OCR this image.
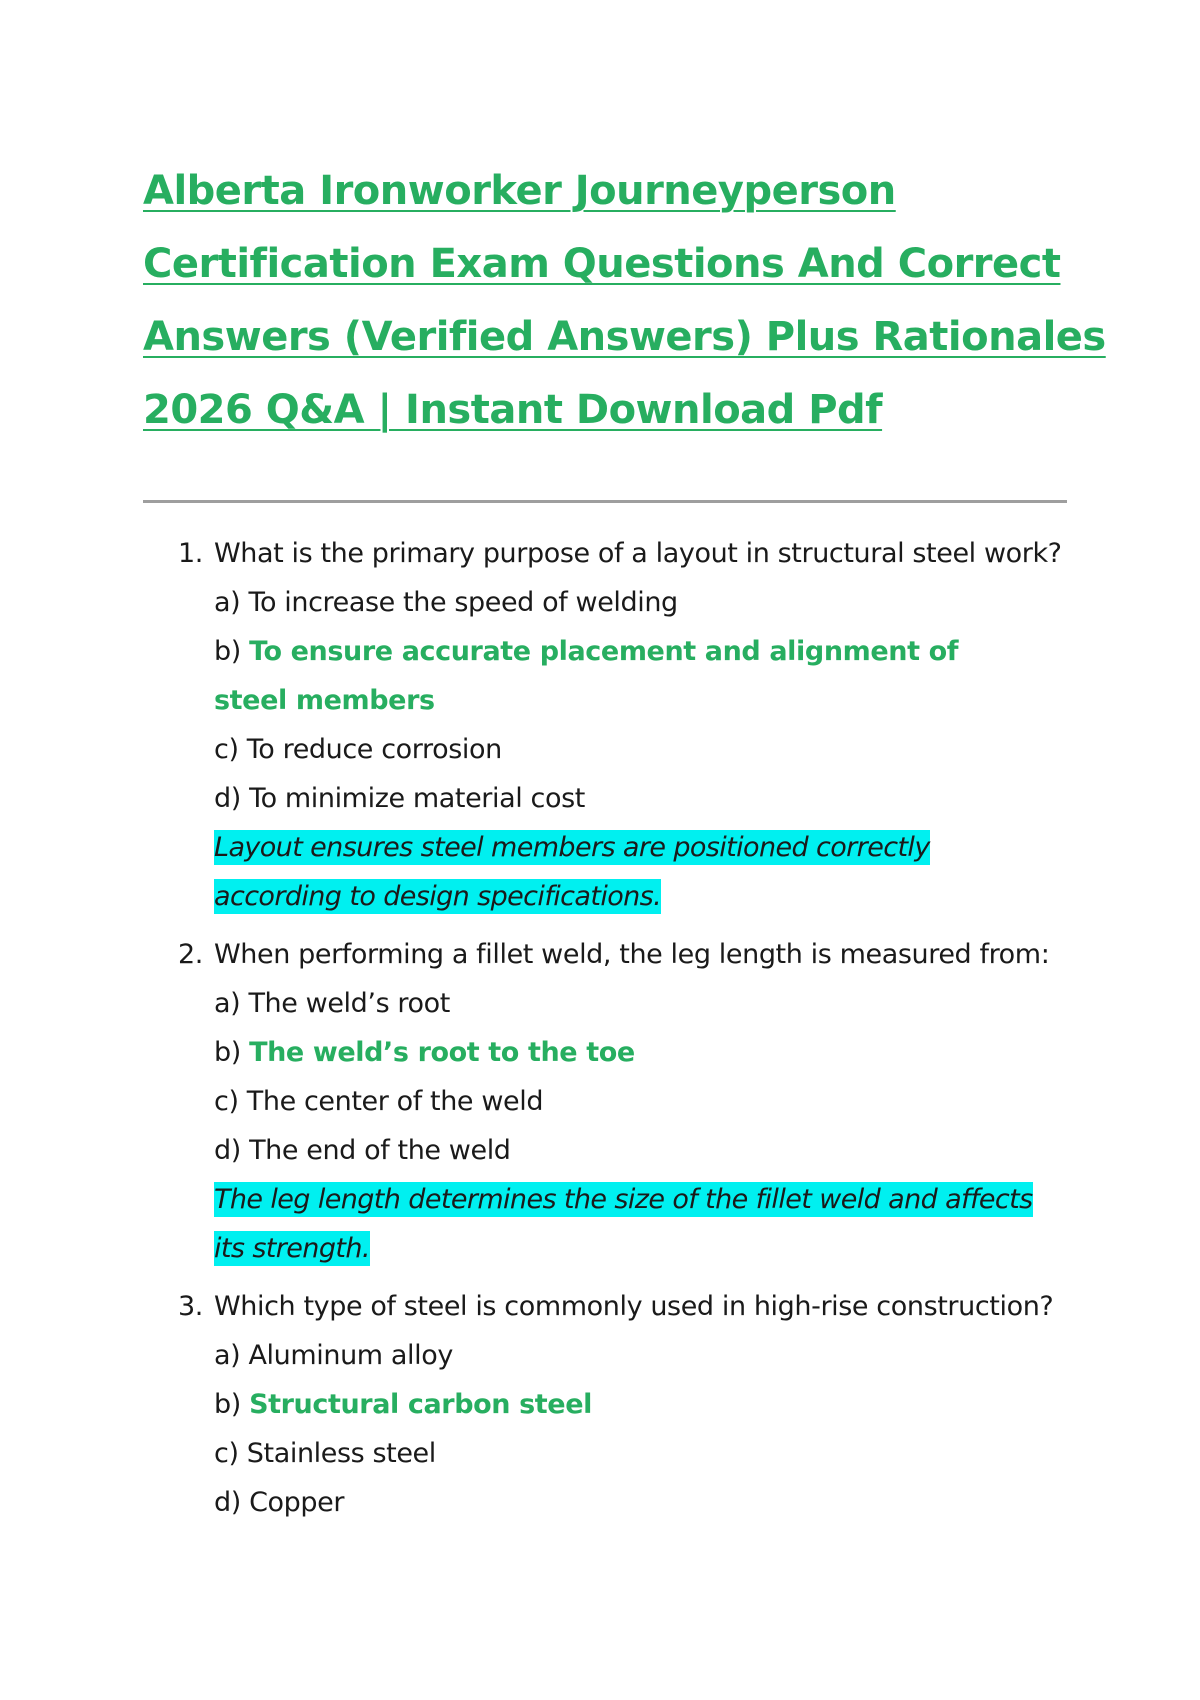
Alberta Ironworker Journeyperson
Certification Exam Questions And Correct
Answers (Verified Answers) Plus Rationales
2026 Q&A | Instant Download Pdf
1. What is the primary purpose of a layout in structural steel work?
a) To increase the speed of welding
b) To ensure accurate placement and alignment of steel members
c) To reduce corrosion
d) To minimize material cost
Layout ensures steel members are positioned correctly according to design specifications.
2. When performing a fillet weld, the leg length is measured from:
a) The weld’s root
b) The weld’s root to the toe
c) The center of the weld
d) The end of the weld
The leg length determines the size of the fillet weld and affects its strength.
3. Which type of steel is commonly used in high-rise construction?
a) Aluminum alloy
b) Structural carbon steel
c) Stainless steel
d) Copper
